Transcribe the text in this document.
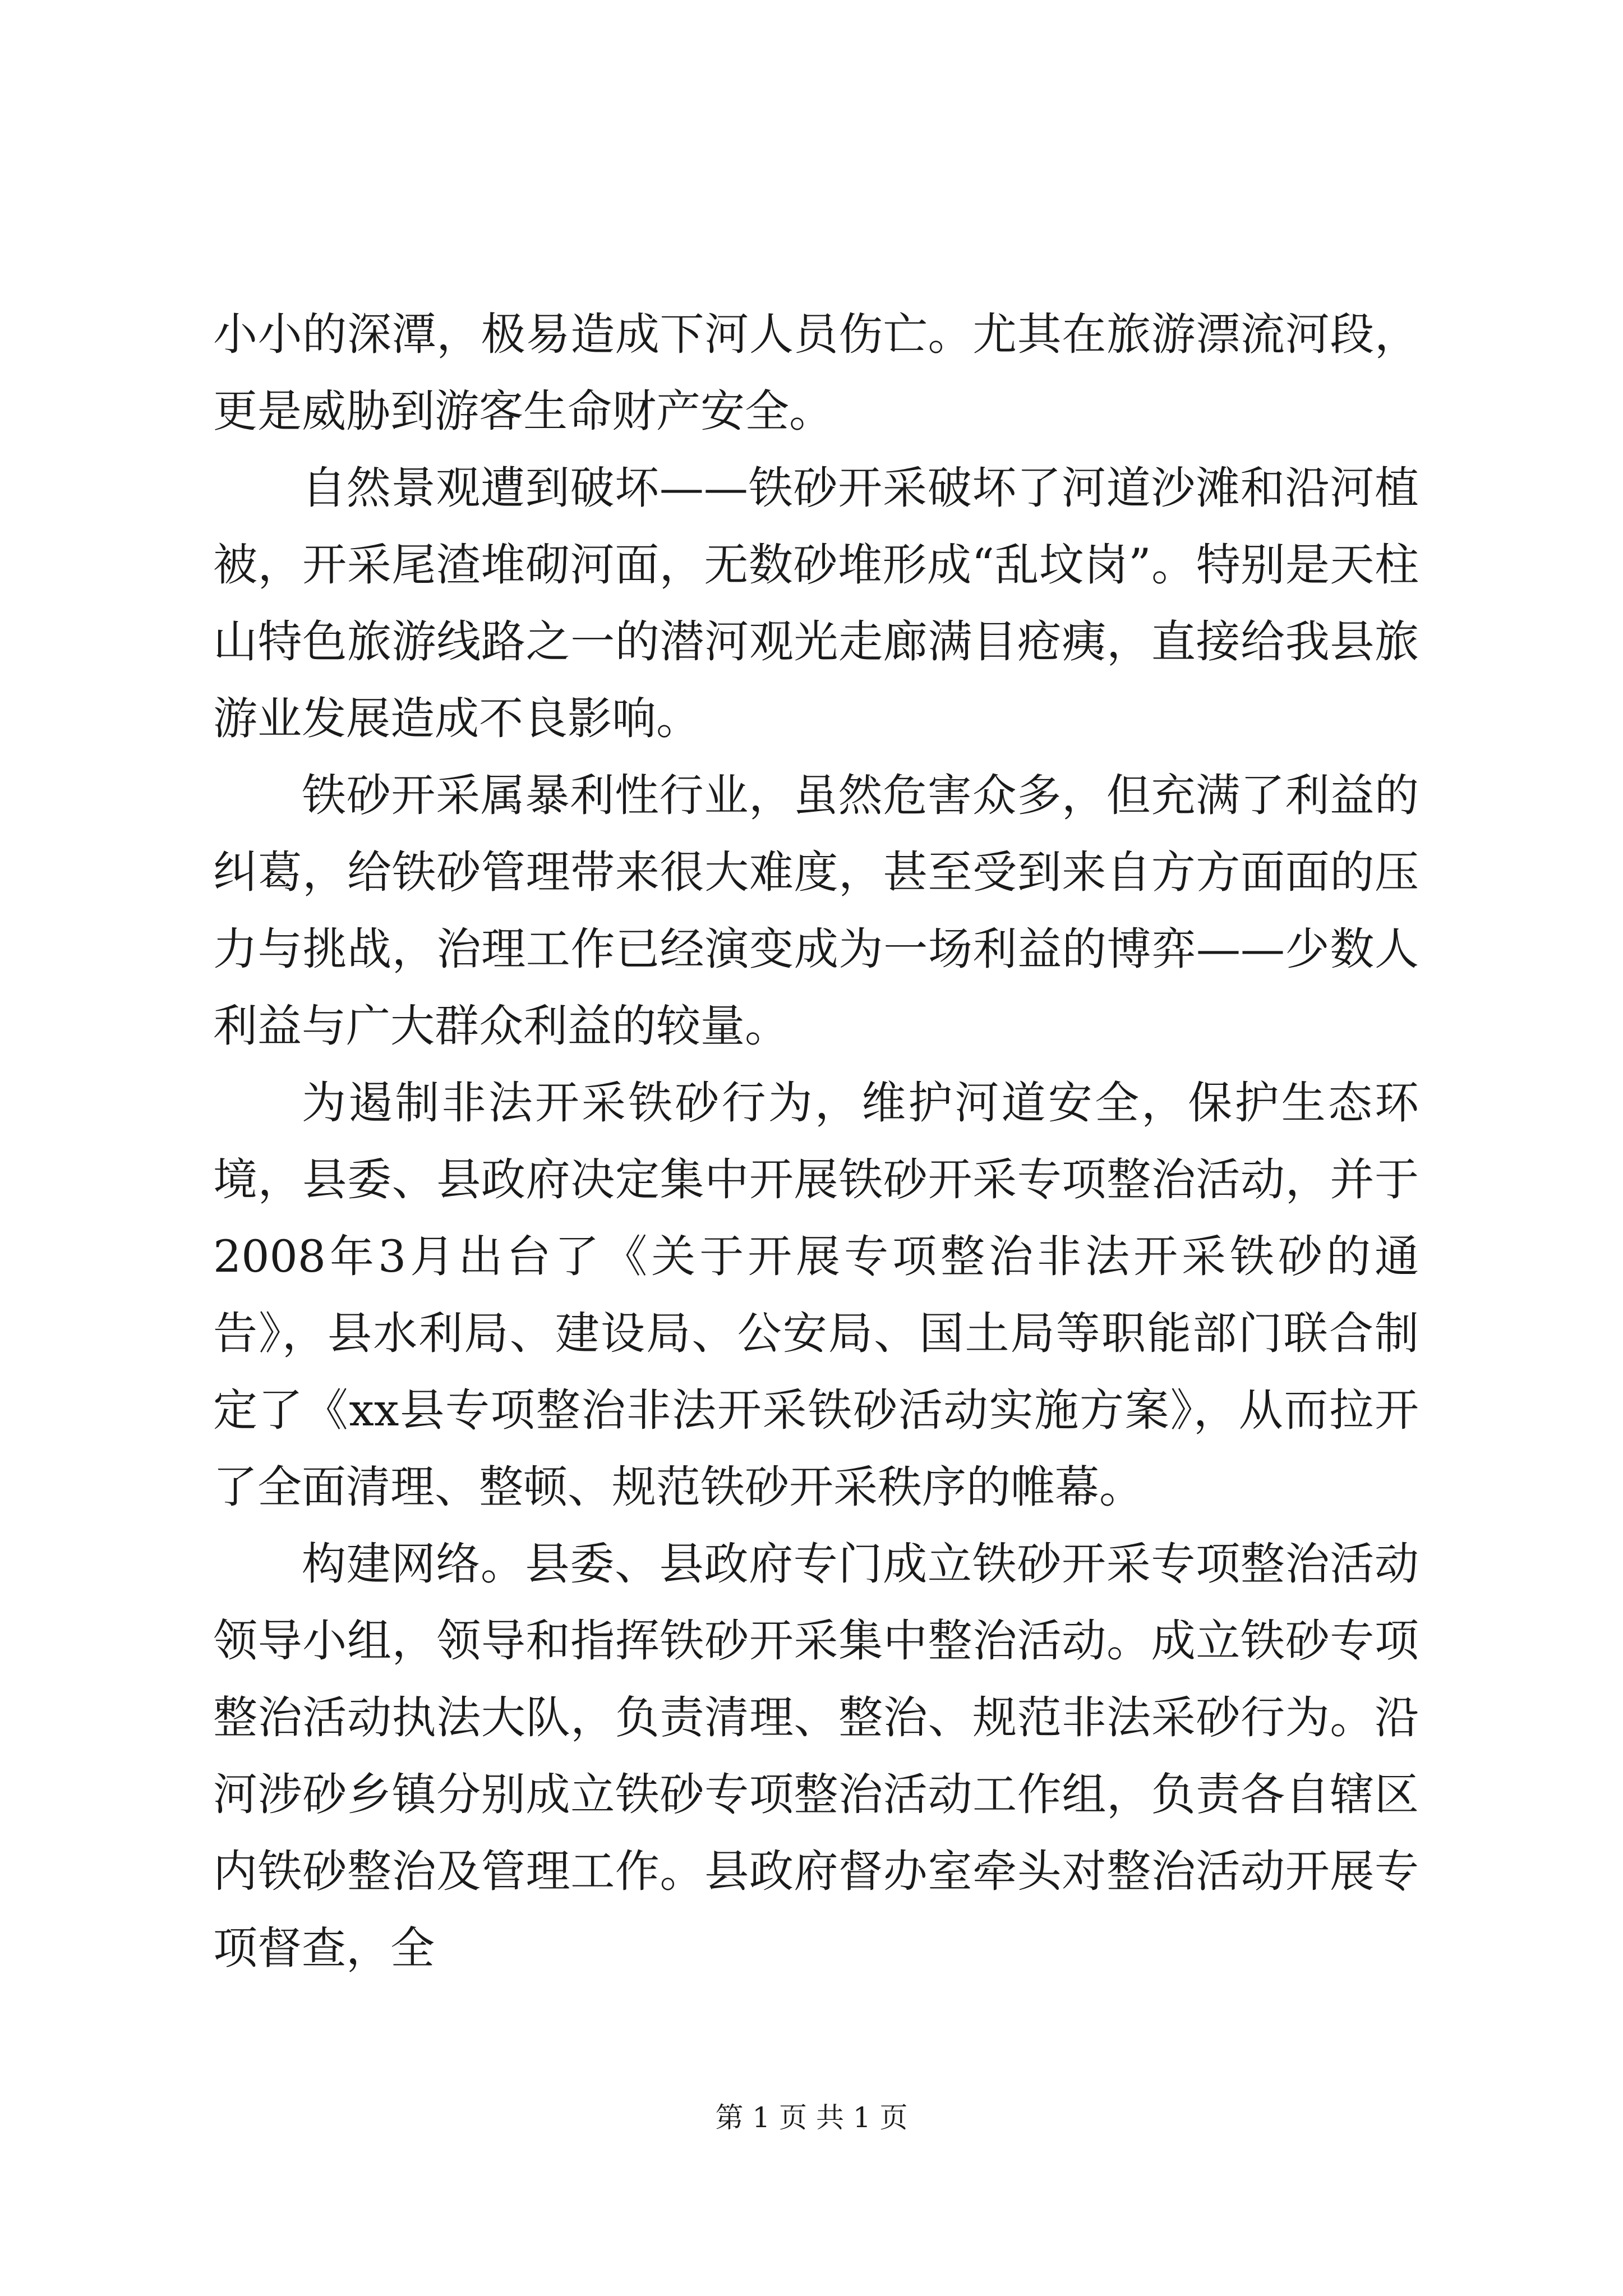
小小的深潭，极易造成下河人员伤亡。尤其在旅游漂流河段，更是威胁到游客生命财产安全。

自然景观遭到破坏——铁砂开采破坏了河道沙滩和沿河植被，开采尾渣堆砌河面，无数砂堆形成“乱坟岗”。特别是天柱山特色旅游线路之一的潜河观光走廊满目疮痍，直接给我县旅游业发展造成不良影响。

铁砂开采属暴利性行业，虽然危害众多，但充满了利益的纠葛，给铁砂管理带来很大难度，甚至受到来自方方面面的压力与挑战，治理工作已经演变成为一场利益的博弈——少数人利益与广大群众利益的较量。

为遏制非法开采铁砂行为，维护河道安全，保护生态环境，县委、县政府决定集中开展铁砂开采专项整治活动，并于2008年3月出台了《关于开展专项整治非法开采铁砂的通告》，县水利局、建设局、公安局、国土局等职能部门联合制定了《xx县专项整治非法开采铁砂活动实施方案》，从而拉开了全面清理、整顿、规范铁砂开采秩序的帷幕。

构建网络。县委、县政府专门成立铁砂开采专项整治活动领导小组，领导和指挥铁砂开采集中整治活动。成立铁砂专项整治活动执法大队，负责清理、整治、规范非法采砂行为。沿河涉砂乡镇分别成立铁砂专项整治活动工作组，负责各自辖区内铁砂整治及管理工作。县政府督办室牵头对整治活动开展专项督查，全

第 1 页 共 1 页
